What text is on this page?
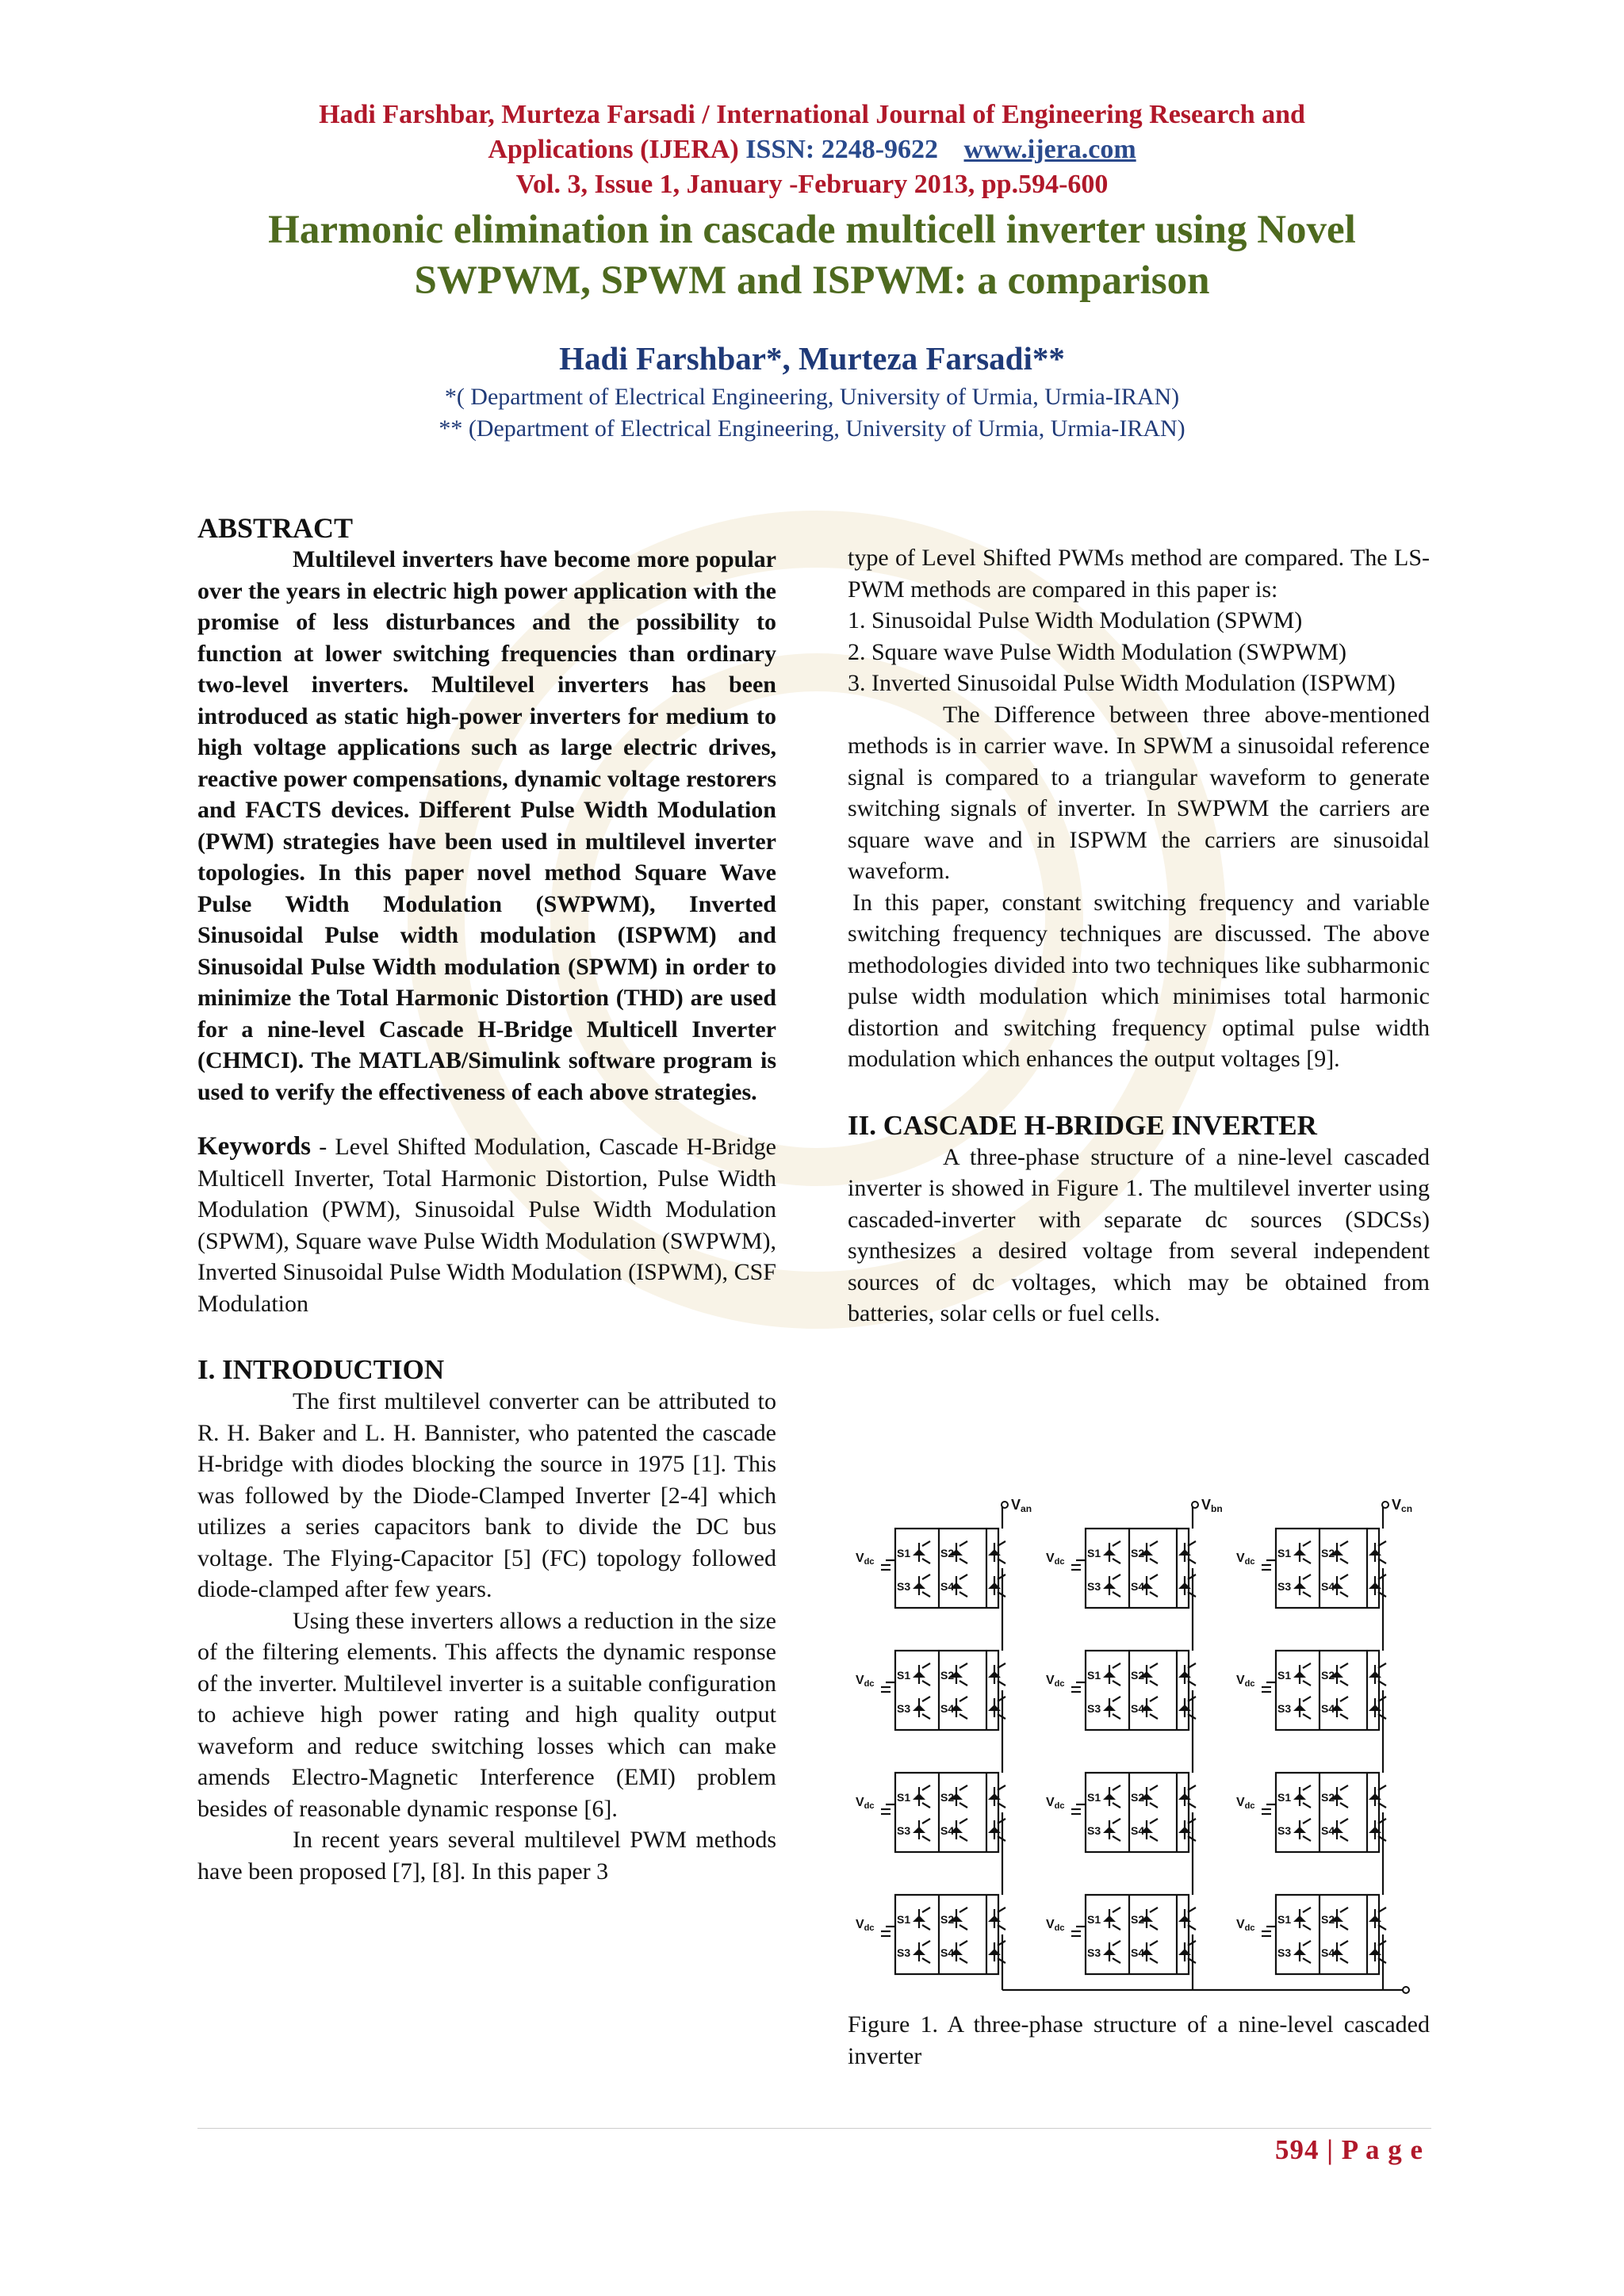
Hadi Farshbar, Murteza Farsadi / International Journal of Engineering Research and
Applications (IJERA) ISSN: 2248-9622 www.ijera.com
Vol. 3, Issue 1, January -February 2013, pp.594-600
Harmonic elimination in cascade multicell inverter using Novel
SWPWM, SPWM and ISPWM: a comparison
Hadi Farshbar*, Murteza Farsadi**
*( Department of Electrical Engineering, University of Urmia, Urmia-IRAN)
** (Department of Electrical Engineering, University of Urmia, Urmia-IRAN)
ABSTRACT

Multilevel inverters have become more popular over the years in electric high power application with the promise of less disturbances and the possibility to function at lower switching frequencies than ordinary two-level inverters. Multilevel inverters has been introduced as static high-power inverters for medium to high voltage applications such as large electric drives, reactive power compensations, dynamic voltage restorers and FACTS devices. Different Pulse Width Modulation (PWM) strategies have been used in multilevel inverter topologies. In this paper novel method Square Wave Pulse Width Modulation (SWPWM), Inverted Sinusoidal Pulse width modulation (ISPWM) and Sinusoidal Pulse Width modulation (SPWM) in order to minimize the Total Harmonic Distortion (THD) are used for a nine-level Cascade H-Bridge Multicell Inverter (CHMCI). The MATLAB/Simulink software program is used to verify the effectiveness of each above strategies.

Keywords - Level Shifted Modulation, Cascade H-Bridge Multicell Inverter, Total Harmonic Distortion, Pulse Width Modulation (PWM), Sinusoidal Pulse Width Modulation (SPWM), Square wave Pulse Width Modulation (SWPWM), Inverted Sinusoidal Pulse Width Modulation (ISPWM), CSF Modulation

I. INTRODUCTION

The first multilevel converter can be attributed to R. H. Baker and L. H. Bannister, who patented the cascade H-bridge with diodes blocking the source in 1975 [1]. This was followed by the Diode-Clamped Inverter [2-4] which utilizes a series capacitors bank to divide the DC bus voltage. The Flying-Capacitor [5] (FC) topology followed diode-clamped after few years.

Using these inverters allows a reduction in the size of the filtering elements. This affects the dynamic response of the inverter. Multilevel inverter is a suitable configuration to achieve high power rating and high quality output waveform and reduce switching losses which can make amends Electro-Magnetic Interference (EMI) problem besides of reasonable dynamic response [6].

In recent years several multilevel PWM methods have been proposed [7], [8]. In this paper 3

type of Level Shifted PWMs method are compared. The LS-PWM methods are compared in this paper is:

1. Sinusoidal Pulse Width Modulation (SPWM)
2. Square wave Pulse Width Modulation (SWPWM)
3. Inverted Sinusoidal Pulse Width Modulation (ISPWM)

The Difference between three above-mentioned methods is in carrier wave. In SPWM a sinusoidal reference signal is compared to a triangular waveform to generate switching signals of inverter. In SWPWM the carriers are square wave and in ISPWM the carriers are sinusoidal waveform.

In this paper, constant switching frequency and variable switching frequency techniques are discussed. The above methodologies divided into two techniques like subharmonic pulse width modulation which minimises total harmonic distortion and switching frequency optimal pulse width modulation which enhances the output voltages [9].

II. CASCADE H-BRIDGE INVERTER

A three-phase structure of a nine-level cascaded inverter is showed in Figure 1. The multilevel inverter using cascaded-inverter with separate dc sources (SDCSs) synthesizes a desired voltage from several independent sources of dc voltages, which may be obtained from batteries, solar cells or fuel cells.

Van
S1	S2
S3	S4
Vdc
S1	S2
S3	S4
Vdc
S1	S2
S3	S4
Vdc
S1	S2
S3	S4
Vdc
Vbn
S1	S2
S3	S4
Vdc
S1	S2
S3	S4
Vdc
S1	S2
S3	S4
Vdc
S1	S2
S3	S4
Vdc
Vcn
S1	S2
S3	S4
Vdc
S1	S2
S3	S4
Vdc
S1	S2
S3	S4
Vdc
S1	S2
S3	S4
Vdc
Figure 1. A three-phase structure of a nine-level cascaded inverter
594 | P a g e
